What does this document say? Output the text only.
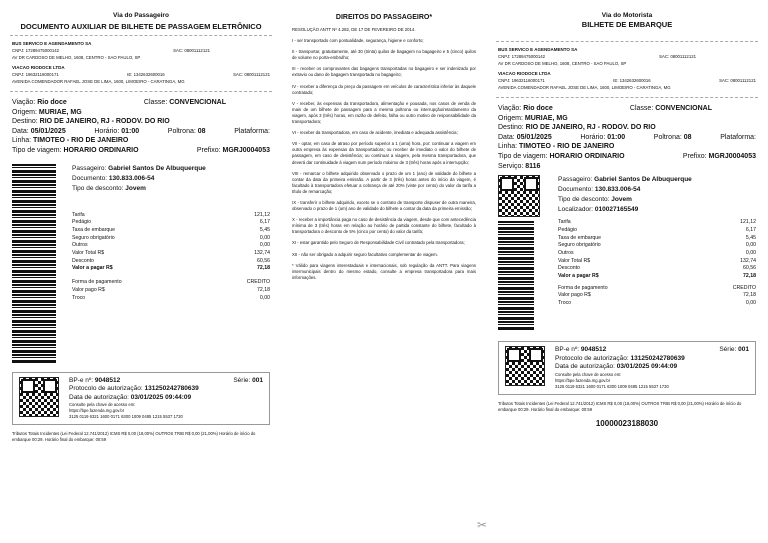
Via do Passageiro
DOCUMENTO AUXILIAR DE BILHETE DE PASSAGEM ELETRÔNICO
BUS SERVICO E AGENDAMENTO SA
CNPJ: 17289475000142	SAC: 08001112121
AV DR CARDOSO DE MELHO, 1608, CENTRO - SAO PAULO, SP
VIACAO RIODOCE LTDA
CNPJ: 19632116000171	IE: 1342632600016	SAC: 08001112121
AVENIDA COMENDADOR RAFAEL JOSE DE LIMA, 1600, LIMOEIRO - CARATINGA, MG
Viação: Rio doce	Classe: CONVENCIONAL
Origem: MURIAE, MG
Destino: RIO DE JANEIRO, RJ - RODOV. DO RIO
Data: 05/01/2025	Horário: 01:00	Poltrona: 08	Plataforma:
Linha: TIMOTEO - RIO DE JANEIRO
Tipo de viagem: HORARIO ORDINARIO	Prefixo: MGRJ0004053
Passageiro: Gabriel Santos De Albuquerque
Documento: 130.833.006-54
Tipo de desconto: Jovem
Tarifa	121,12
Pedágio	6,17
Taxa de embarque	5,45
Seguro obrigatório	0,00
Outros	0,00
Valor Total R$	132,74
Desconto	60,56
Valor a pagar R$	72,18
Forma de pagamento	CREDITO
Valor pago R$	72,18
Troco	0,00
BP-e nº: 9048512	Série: 001
Protocolo de autorização: 131250242780639
Data de autorização: 03/01/2025 09:44:09
Consulte pela chave de acesso em:
https://bpe.fazenda.mg.gov.br
3125 0119 6321 1600 0171 6300 1009 0485 1215 5537 1730
Tributos Totais Incidentes (Lei Federal 12.741/2012) ICMS R$ 0,00 (18,00%) OUTROS TRIB R$ 0,00 (21,00%) Horário de início do embarque 00:29. Horário final do embarque: 00:59
DIREITOS DO PASSAGEIRO*

RESOLUÇÃO ANTT Nº 4.282, DE 17 DE FEVEREIRO DE 2014.

I - ser transportado com pontualidade, segurança, higiene e conforto;

II - transportar, gratuitamente, até 30 (trinta) quilos de bagagem no bagageiro e 5 (cinco) quilos de volume no porta-embrulho;

III - receber os comprovantes das bagagens transportadas no bagageiro e ser indenizado por extravio ou dano de bagagem transportada no bagageiro;

IV - receber a diferença do preço da passagem em veículos de característica inferior às daquele contratado;

V - receber, às expensas da transportadora, alimentação e pousada, nos casos de venda de mais de um bilhete de passagem para a mesma poltrona ou interrupção/retardamento da viagem, após 3 (três) horas, em razão de defeito, falha ou outro motivo de responsabilidade da transportadora;

VI - receber da transportadora, em caso de acidente, imediata e adequada assistência;

VII - optar, em caso de atraso por período superior a 1 (uma) hora, por: continuar a viagem em outra empresa às expensas da transportadora; ou receber de imediato o valor do bilhete de passagem, em caso de desistência; ou continuar a viagem, pela mesma transportadora, que deverá dar continuidade à viagem num período máximo de 3 (três) horas após a interrupção;

VIII - remarcar o bilhete adquirido observado o prazo de um 1 (ano) de validade do bilhete a contar da data da primeira emissão. A partir de 3 (três) horas antes do início da viagem, é facultado à transportadora efetuar a cobrança de até 20% (vinte por cento) do valor da tarifa a título de remarcação;

IX - transferir o bilhete adquirido, exceto se o contrato de transporte dispuser de outra maneira, observado o prazo de 1 (um) ano de validade do bilhete a contar da data da primeira emissão;

X - receber a importância paga no caso de desistência da viagem, desde que com antecedência mínima de 3 (três) horas em relação ao horário de partida constante do bilhete, facultado à transportadora o desconto de 5% (cinco por cento) do valor da tarifa;

XI - estar garantido pelo Seguro de Responsabilidade Civil contratado pela transportadora;

XII - não ser obrigado a adquirir seguro facultativo complementar de viagem.

* Válido para viagens interestaduais e internacionais, sob regulação da ANTT. Para viagens intermunicipais dentro do mesmo estado, consulte a empresa transportadora para mais informações.

✂
Via do Motorista
BILHETE DE EMBARQUE
BUS SERVICO E AGENDAMENTO SA
CNPJ: 17289475000142	SAC: 08001112121
AV DR CARDOSO DE MELHO, 1608, CENTRO - SAO PAULO, SP
VIACAO RIODOCE LTDA
CNPJ: 19632116000171	IE: 1342632600016	SAC: 08001112121
AVENIDA COMENDADOR RAFAEL JOSE DE LIMA, 1600, LIMOEIRO - CARATINGA, MG
Viação: Rio doce	Classe: CONVENCIONAL
Origem: MURIAE, MG
Destino: RIO DE JANEIRO, RJ - RODOV. DO RIO
Data: 05/01/2025	Horário: 01:00	Poltrona: 08	Plataforma:
Linha: TIMOTEO - RIO DE JANEIRO
Tipo de viagem: HORARIO ORDINARIO	Prefixo: MGRJ0004053
Serviço: 8116
Passageiro: Gabriel Santos De Albuquerque
Documento: 130.833.006-54
Tipo de desconto: Jovem
Localizador: 010027165549
Tarifa	121,12
Pedágio	6,17
Taxa de embarque	5,45
Seguro obrigatório	0,00
Outros	0,00
Valor Total R$	132,74
Desconto	60,56
Valor a pagar R$	72,18
Forma de pagamento	CREDITO
Valor pago R$	72,18
Troco	0,00
BP-e nº: 9048512	Série: 001
Protocolo de autorização: 131250242780639
Data de autorização: 03/01/2025 09:44:09
Consulte pela chave de acesso em:
https://bpe.fazenda.mg.gov.br
3125 0119 6321 1600 0171 6300 1009 0485 1215 5537 1730
Tributos Totais Incidentes (Lei Federal 12.741/2012) ICMS R$ 0,00 (18,00%) OUTROS TRIB R$ 0,00 (21,00%) Horário de início do embarque 00:29. Horário final do embarque: 00:59
10000023188030
